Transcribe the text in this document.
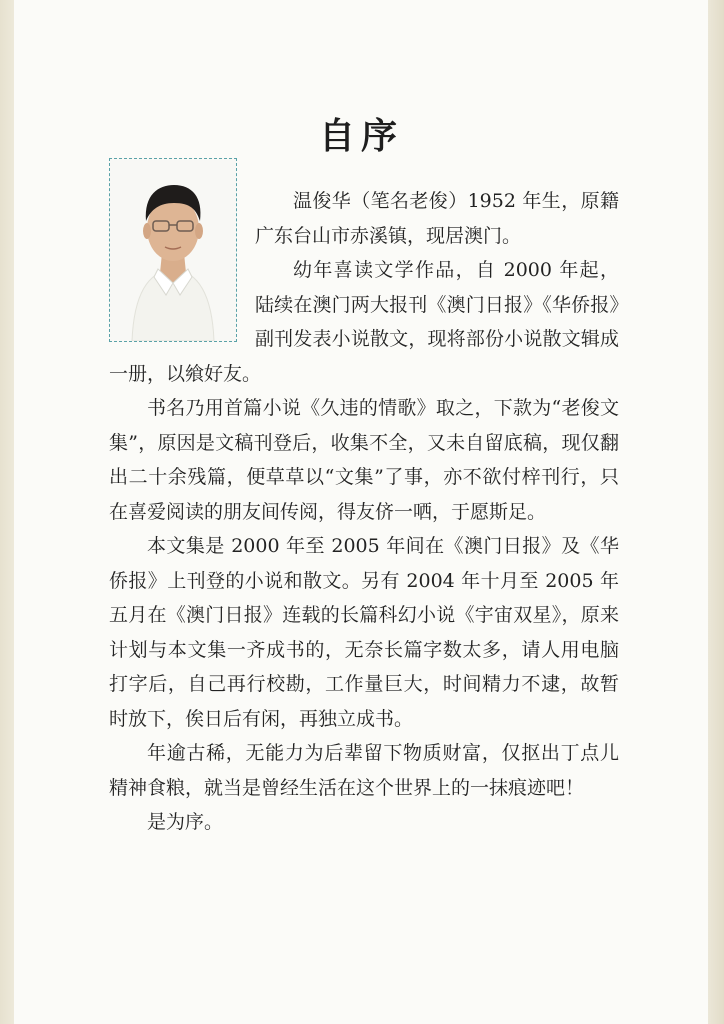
自序

温俊华（笔名老俊）1952 年生，原籍广东台山市赤溪镇，现居澳门。

幼年喜读文学作品，自 2000 年起，陆续在澳门两大报刊《澳门日报》《华侨报》副刊发表小说散文，现将部份小说散文辑成一册，以飨好友。

书名乃用首篇小说《久违的情歌》取之，下款为“老俊文集”，原因是文稿刊登后，收集不全，又未自留底稿，现仅翻出二十余残篇，便草草以“文集”了事，亦不欲付梓刊行，只在喜爱阅读的朋友间传阅，得友侪一哂，于愿斯足。

本文集是 2000 年至 2005 年间在《澳门日报》及《华侨报》上刊登的小说和散文。另有 2004 年十月至 2005 年五月在《澳门日报》连载的长篇科幻小说《宇宙双星》，原来计划与本文集一齐成书的，无奈长篇字数太多，请人用电脑打字后，自己再行校勘，工作量巨大，时间精力不逮，故暂时放下，俟日后有闲，再独立成书。

年逾古稀，无能力为后辈留下物质财富，仅抠出丁点儿精神食粮，就当是曾经生活在这个世界上的一抹痕迹吧！

是为序。
